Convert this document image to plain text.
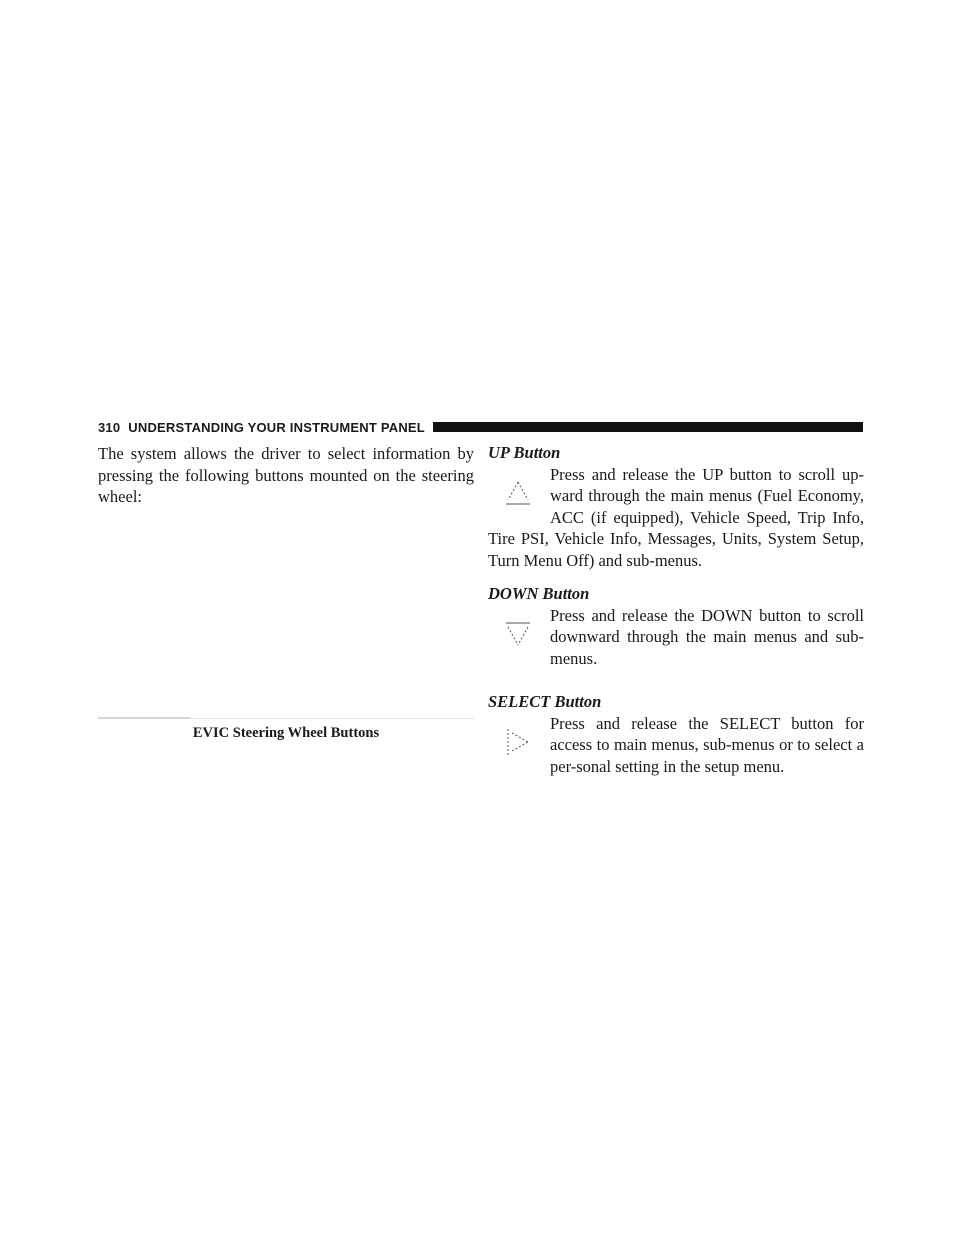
310 UNDERSTANDING YOUR INSTRUMENT PANEL

The system allows the driver to select information by pressing the following buttons mounted on the steering wheel:

EVIC Steering Wheel Buttons

UP Button

Press and release the UP button to scroll up-ward through the main menus (Fuel Economy, ACC (if equipped), Vehicle Speed, Trip Info, Tire PSI, Vehicle Info, Messages, Units, System Setup, Turn Menu Off) and sub-menus.

DOWN Button

Press and release the DOWN button to scroll downward through the main menus and sub-menus.

SELECT Button

Press and release the SELECT button for access to main menus, sub-menus or to select a per-sonal setting in the setup menu.
